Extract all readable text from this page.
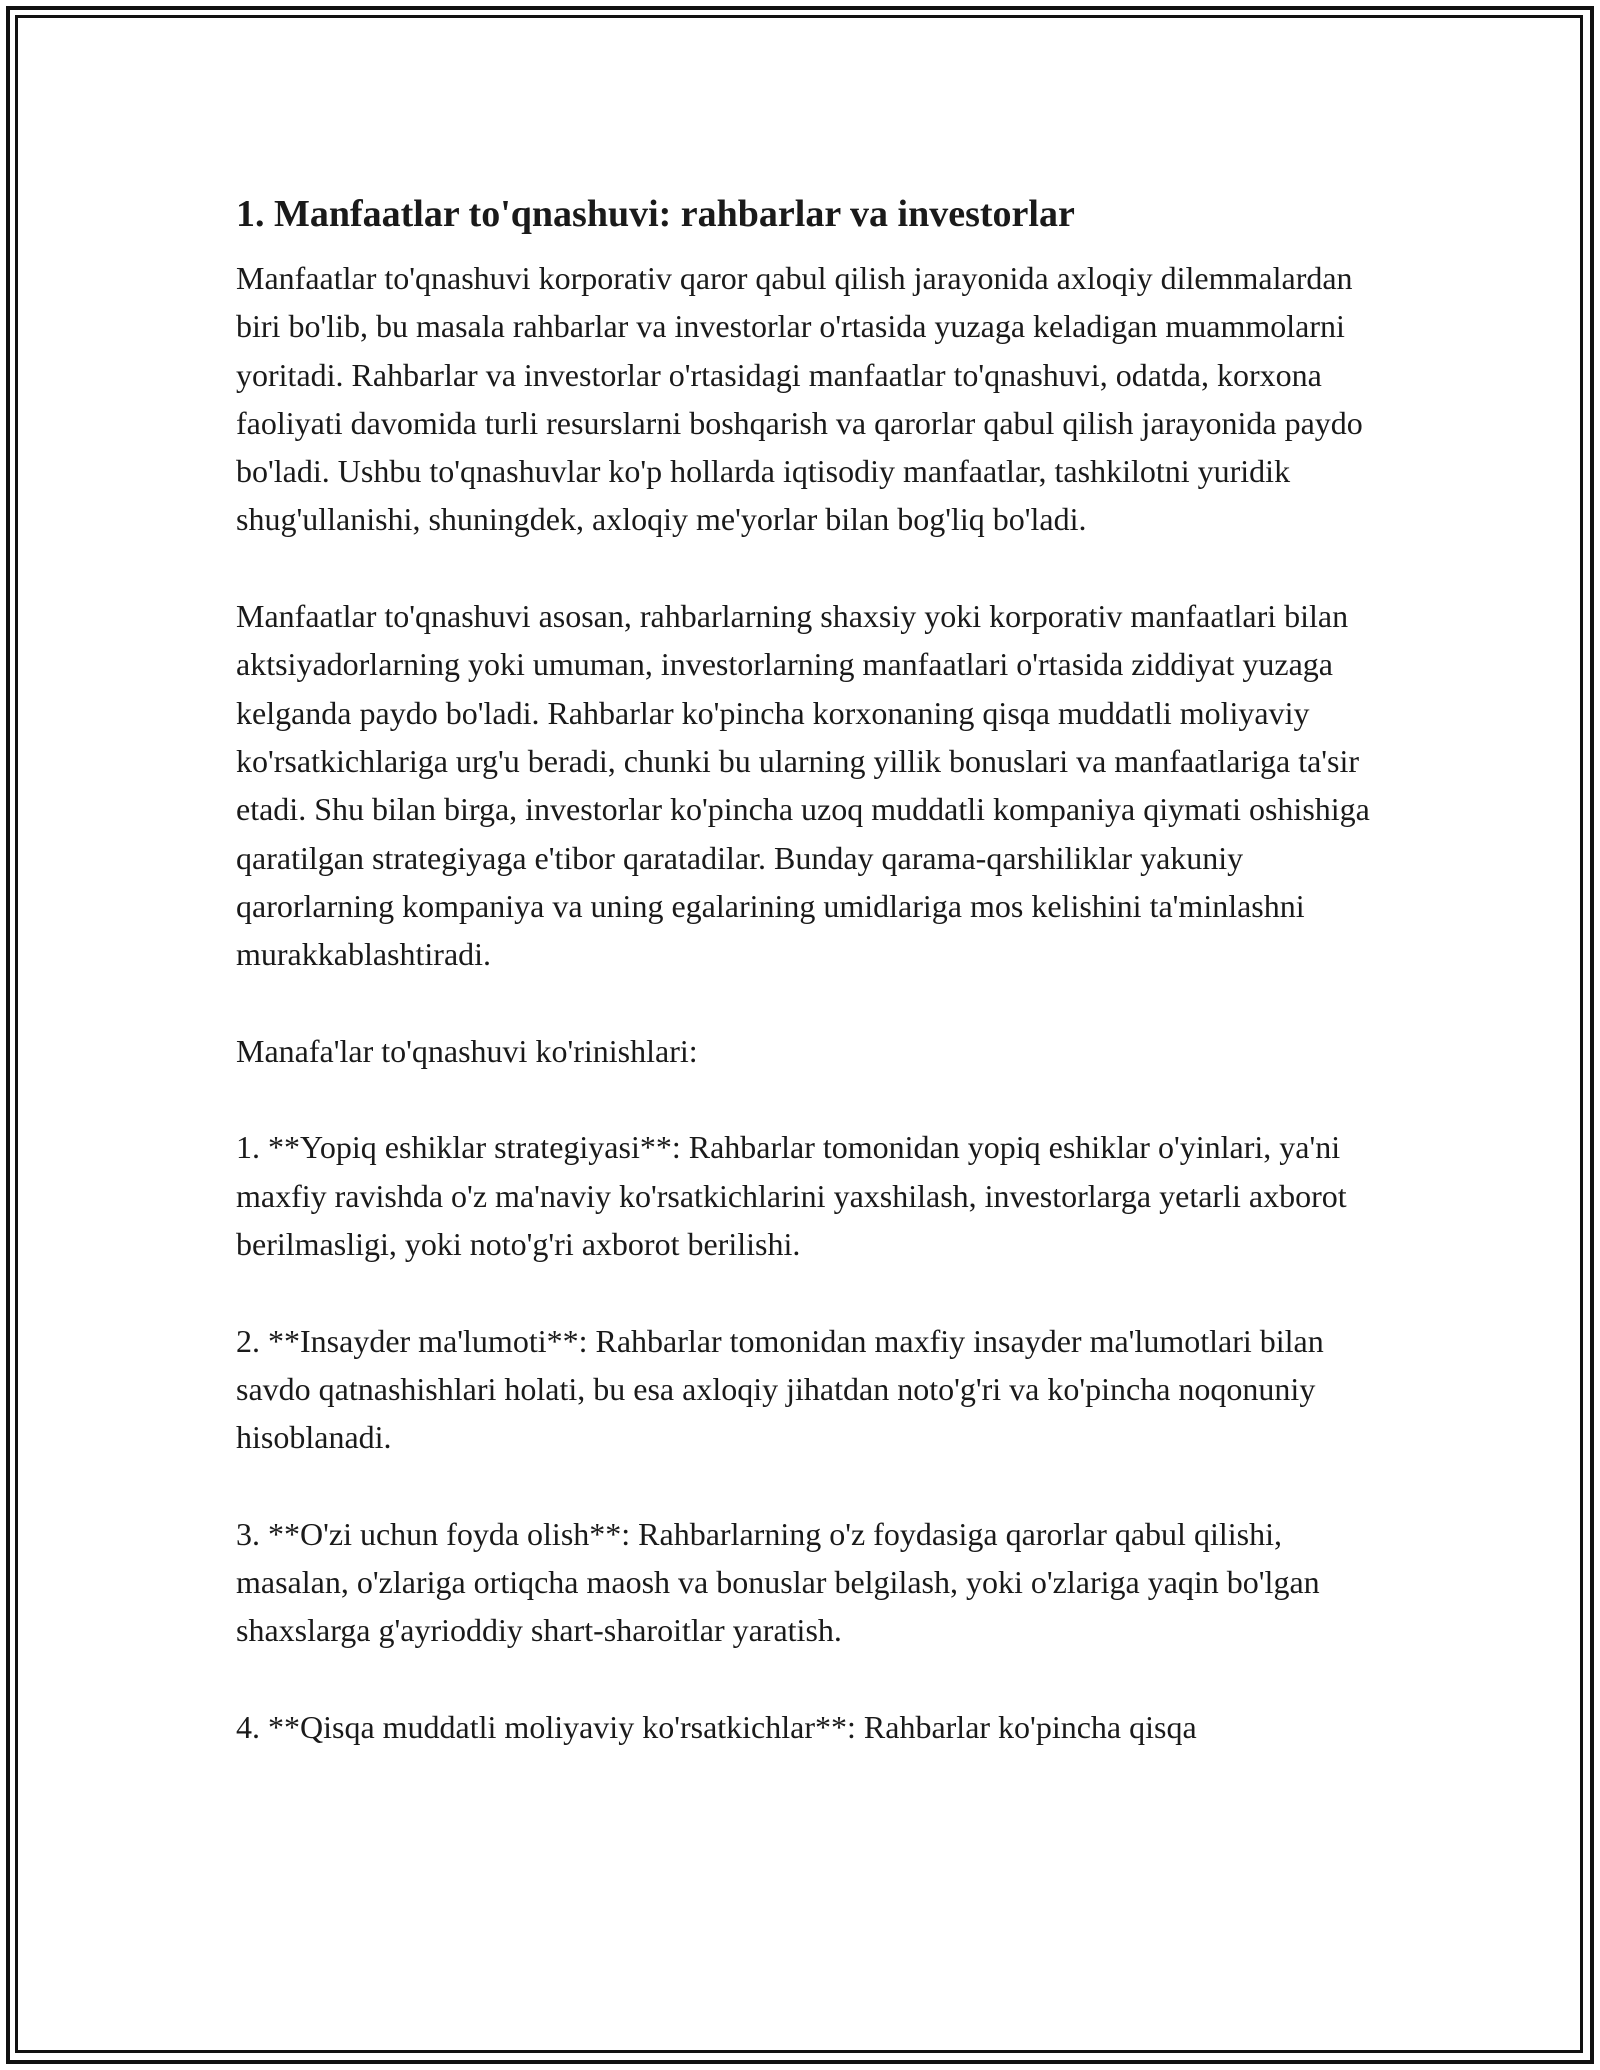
1. Manfaatlar to'qnashuvi: rahbarlar va investorlar

Manfaatlar to'qnashuvi korporativ qaror qabul qilish jarayonida axloqiy dilemmalardan biri bo'lib, bu masala rahbarlar va investorlar o'rtasida yuzaga keladigan muammolarni yoritadi. Rahbarlar va investorlar o'rtasidagi manfaatlar to'qnashuvi, odatda, korxona faoliyati davomida turli resurslarni boshqarish va qarorlar qabul qilish jarayonida paydo bo'ladi. Ushbu to'qnashuvlar ko'p hollarda iqtisodiy manfaatlar, tashkilotni yuridik shug'ullanishi, shuningdek, axloqiy me'yorlar bilan bog'liq bo'ladi.

Manfaatlar to'qnashuvi asosan, rahbarlarning shaxsiy yoki korporativ manfaatlari bilan aktsiyadorlarning yoki umuman, investorlarning manfaatlari o'rtasida ziddiyat yuzaga kelganda paydo bo'ladi. Rahbarlar ko'pincha korxonaning qisqa muddatli moliyaviy ko'rsatkichlariga urg'u beradi, chunki bu ularning yillik bonuslari va manfaatlariga ta'sir etadi. Shu bilan birga, investorlar ko'pincha uzoq muddatli kompaniya qiymati oshishiga qaratilgan strategiyaga e'tibor qaratadilar. Bunday qarama-qarshiliklar yakuniy qarorlarning kompaniya va uning egalarining umidlariga mos kelishini ta'minlashni murakkablashtiradi.

Manafa'lar to'qnashuvi ko'rinishlari:

1. **Yopiq eshiklar strategiyasi**: Rahbarlar tomonidan yopiq eshiklar o'yinlari, ya'ni maxfiy ravishda o'z ma'naviy ko'rsatkichlarini yaxshilash, investorlarga yetarli axborot berilmasligi, yoki noto'g'ri axborot berilishi.

2. **Insayder ma'lumoti**: Rahbarlar tomonidan maxfiy insayder ma'lumotlari bilan savdo qatnashishlari holati, bu esa axloqiy jihatdan noto'g'ri va ko'pincha noqonuniy hisoblanadi.

3. **O'zi uchun foyda olish**: Rahbarlarning o'z foydasiga qarorlar qabul qilishi, masalan, o'zlariga ortiqcha maosh va bonuslar belgilash, yoki o'zlariga yaqin bo'lgan shaxslarga g'ayrioddiy shart-sharoitlar yaratish.

4. **Qisqa muddatli moliyaviy ko'rsatkichlar**: Rahbarlar ko'pincha qisqa
